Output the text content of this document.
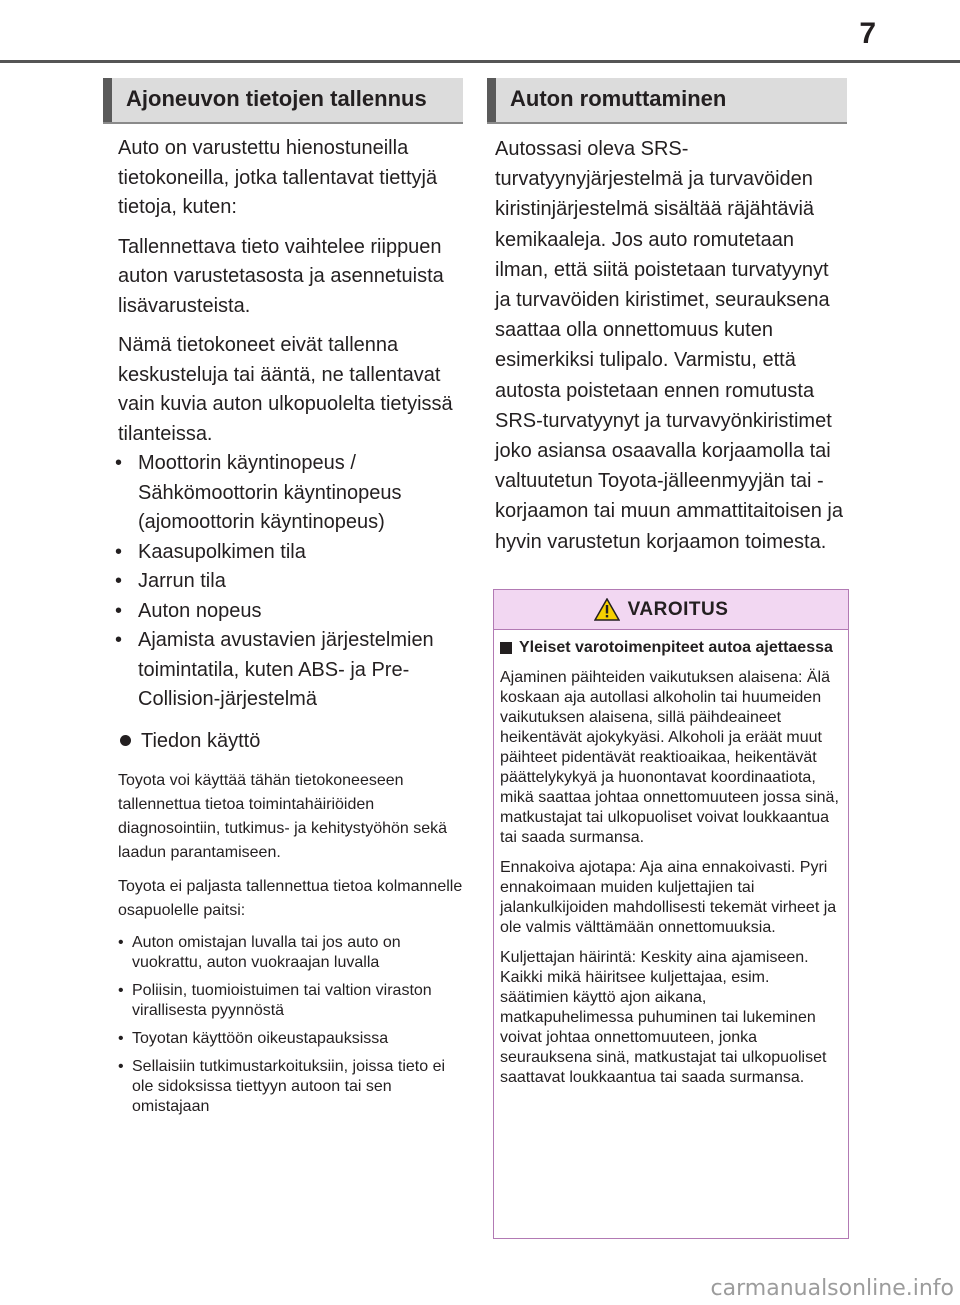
7
Ajoneuvon tietojen tallennus

Auto on varustettu hienostuneilla tietokoneilla, jotka tallentavat tiettyjä tietoja, kuten:

Tallennettava tieto vaihtelee riippuen auton varustetasosta ja asennetuista lisävarusteista.

Nämä tietokoneet eivät tallenna keskusteluja tai ääntä, ne tallentavat vain kuvia auton ulkopuolelta tietyissä tilanteissa.

• Moottorin käyntinopeus / Sähkömoottorin käyntinopeus (ajomoottorin käyntinopeus)
• Kaasupolkimen tila
• Jarrun tila
• Auton nopeus
• Ajamista avustavien järjestelmien toimintatila, kuten ABS- ja Pre-Collision-järjestelmä
Tiedon käyttö

Toyota voi käyttää tähän tietokoneeseen tallennettua tietoa toimintahäiriöiden diagnosointiin, tutkimus- ja kehitystyöhön sekä laadun parantamiseen.

Toyota ei paljasta tallennettua tietoa kolmannelle osapuolelle paitsi:

• Auton omistajan luvalla tai jos auto on vuokrattu, auton vuokraajan luvalla
• Poliisin, tuomioistuimen tai valtion viraston virallisesta pyynnöstä
• Toyotan käyttöön oikeustapauksissa
• Sellaisiin tutkimustarkoituksiin, joissa tieto ei ole sidoksissa tiettyyn autoon tai sen omistajaan
Auton romuttaminen

Autossasi oleva SRS-turvatyynyjärjestelmä ja turvavöiden kiristinjärjestelmä sisältää räjähtäviä kemikaaleja. Jos auto romutetaan ilman, että siitä poistetaan turvatyynyt ja turvavöiden kiristimet, seurauksena saattaa olla onnettomuus kuten esimerkiksi tulipalo. Varmistu, että autosta poistetaan ennen romutusta SRS-turvatyynyt ja turvavyönkiristimet joko asiansa osaavalla korjaamolla tai valtuutetun Toyota-jälleenmyyjän tai -korjaamon tai muun ammattitaitoisen ja hyvin varustetun korjaamon toimesta.

VAROITUS
Yleiset varotoimenpiteet autoa ajettaessa

Ajaminen päihteiden vaikutuksen alaisena: Älä koskaan aja autollasi alkoholin tai huumeiden vaikutuksen alaisena, sillä päihdeaineet heikentävät ajokykyäsi. Alkoholi ja eräät muut päihteet pidentävät reaktioaikaa, heikentävät päättelykykyä ja huonontavat koordinaatiota, mikä saattaa johtaa onnettomuuteen jossa sinä, matkustajat tai ulkopuoliset voivat loukkaantua tai saada surmansa.

Ennakoiva ajotapa: Aja aina ennakoivasti. Pyri ennakoimaan muiden kuljettajien tai jalankulkijoiden mahdollisesti tekemät virheet ja ole valmis välttämään onnettomuuksia.

Kuljettajan häirintä: Keskity aina ajamiseen. Kaikki mikä häiritsee kuljettajaa, esim. säätimien käyttö ajon aikana, matkapuhelimessa puhuminen tai lukeminen voivat johtaa onnettomuuteen, jonka seurauksena sinä, matkustajat tai ulkopuoliset saattavat loukkaantua tai saada surmansa.

carmanualsonline.info
